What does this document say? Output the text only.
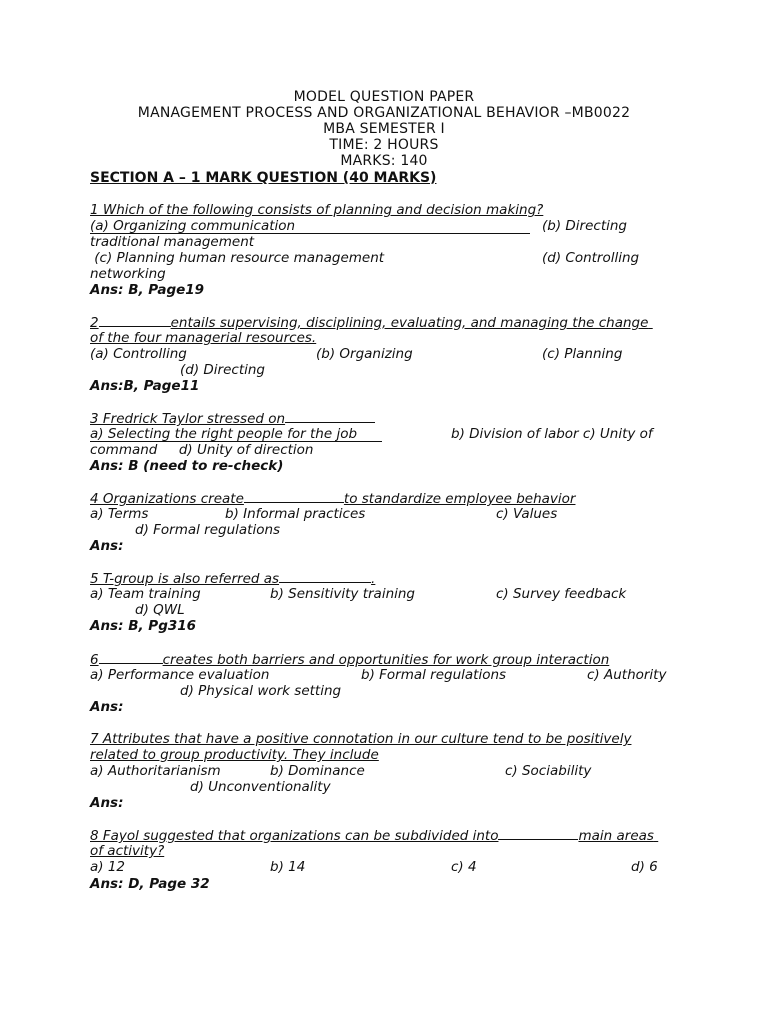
MODEL QUESTION PAPER
MANAGEMENT PROCESS AND ORGANIZATIONAL BEHAVIOR –MB0022
MBA SEMESTER I
TIME: 2 HOURS
MARKS: 140
SECTION A – 1 MARK QUESTION (40 MARKS)
1 Which of the following consists of planning and decision making?
(a) Organizing communication	(b) Directing
traditional management
(c) Planning human resource management	(d) Controlling
networking
Ans: B, Page19
2	entails supervising, disciplining, evaluating, and managing the change
of the four managerial resources.
(a) Controlling	(b) Organizing	(c) Planning
(d) Directing
Ans:B, Page11
3 Fredrick Taylor stressed on
a) Selecting the right people for the job	b) Division of labor c) Unity of
command     d) Unity of direction
Ans: B (need to re-check)
4 Organizations create	to standardize employee behavior
a) Terms	b) Informal practices	c) Values
d) Formal regulations
Ans:
5 T-group is also referred as	.
a) Team training	b) Sensitivity training	c) Survey feedback
d) QWL
Ans: B, Pg316
6	creates both barriers and opportunities for work group interaction
a) Performance evaluation	b) Formal regulations	c) Authority
d) Physical work setting
Ans:
7 Attributes that have a positive connotation in our culture tend to be positively
related to group productivity. They include
a) Authoritarianism	b) Dominance	c) Sociability
d) Unconventionality
Ans:
8 Fayol suggested that organizations can be subdivided into	main areas
of activity?
a) 12	b) 14	c) 4	d) 6
Ans: D, Page 32
